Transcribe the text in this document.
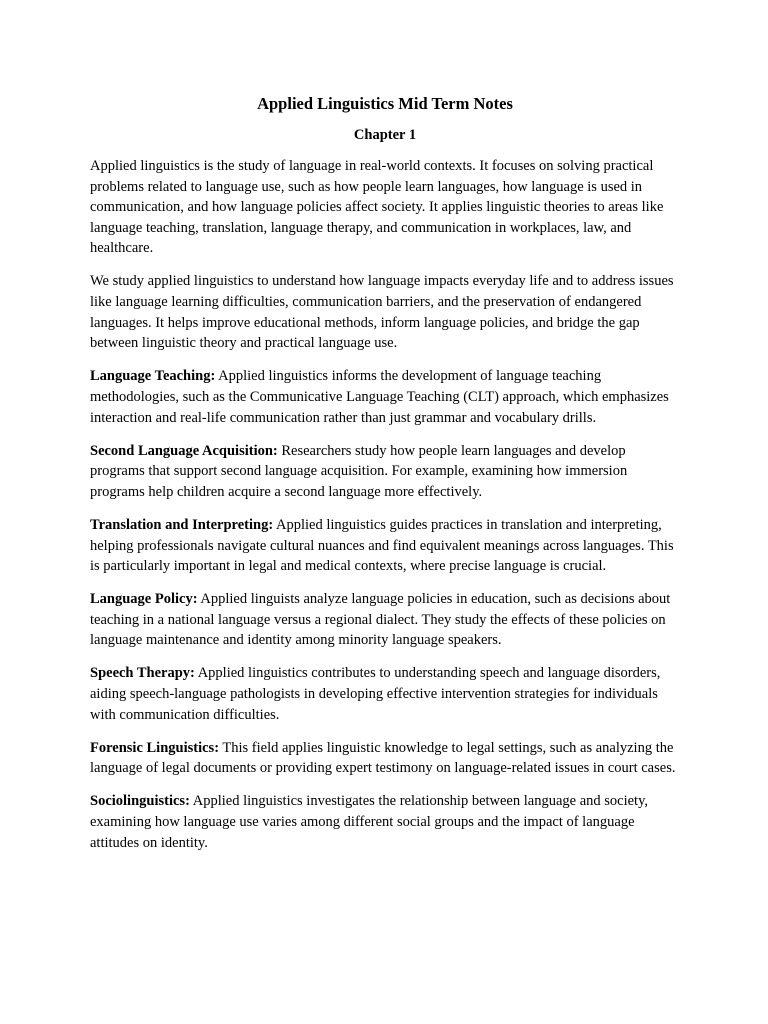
Applied Linguistics Mid Term Notes
Chapter 1

Applied linguistics is the study of language in real-world contexts. It focuses on solving practical problems related to language use, such as how people learn languages, how language is used in communication, and how language policies affect society. It applies linguistic theories to areas like language teaching, translation, language therapy, and communication in workplaces, law, and healthcare.

We study applied linguistics to understand how language impacts everyday life and to address issues like language learning difficulties, communication barriers, and the preservation of endangered languages. It helps improve educational methods, inform language policies, and bridge the gap between linguistic theory and practical language use.

Language Teaching: Applied linguistics informs the development of language teaching methodologies, such as the Communicative Language Teaching (CLT) approach, which emphasizes interaction and real-life communication rather than just grammar and vocabulary drills.

Second Language Acquisition: Researchers study how people learn languages and develop programs that support second language acquisition. For example, examining how immersion programs help children acquire a second language more effectively.

Translation and Interpreting: Applied linguistics guides practices in translation and interpreting, helping professionals navigate cultural nuances and find equivalent meanings across languages. This is particularly important in legal and medical contexts, where precise language is crucial.

Language Policy: Applied linguists analyze language policies in education, such as decisions about teaching in a national language versus a regional dialect. They study the effects of these policies on language maintenance and identity among minority language speakers.

Speech Therapy: Applied linguistics contributes to understanding speech and language disorders, aiding speech-language pathologists in developing effective intervention strategies for individuals with communication difficulties.

Forensic Linguistics: This field applies linguistic knowledge to legal settings, such as analyzing the language of legal documents or providing expert testimony on language-related issues in court cases.

Sociolinguistics: Applied linguistics investigates the relationship between language and society, examining how language use varies among different social groups and the impact of language attitudes on identity.
